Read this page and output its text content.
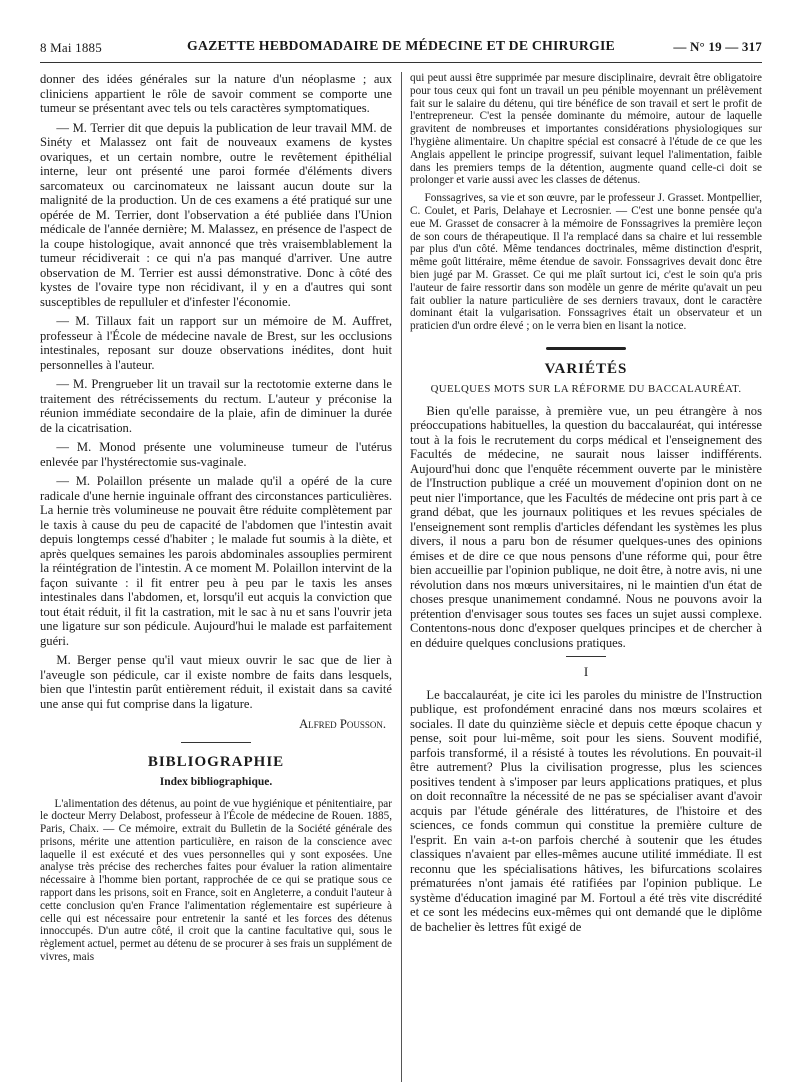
8 Mai 1885	GAZETTE HEBDOMADAIRE DE MÉDECINE ET DE CHIRURGIE	— N° 19 — 317

donner des idées générales sur la nature d'un néoplasme ; aux cliniciens appartient le rôle de savoir comment se comporte une tumeur se présentant avec tels ou tels caractères symptomatiques.

— M. Terrier dit que depuis la publication de leur travail MM. de Sinéty et Malassez ont fait de nouveaux examens de kystes ovariques, et un certain nombre, outre le revêtement épithélial interne, leur ont présenté une paroi formée d'éléments divers sarcomateux ou carcinomateux ne laissant aucun doute sur la malignité de la production. Un de ces examens a été pratiqué sur une opérée de M. Terrier, dont l'observation a été publiée dans l'Union médicale de l'année dernière; M. Malassez, en présence de l'aspect de la coupe histologique, avait annoncé que très vraisemblablement la tumeur récidiverait : ce qui n'a pas manqué d'arriver. Une autre observation de M. Terrier est aussi démonstrative. Donc à côté des kystes de l'ovaire type non récidivant, il y en a d'autres qui sont susceptibles de repulluler et d'infester l'économie.

— M. Tillaux fait un rapport sur un mémoire de M. Auffret, professeur à l'École de médecine navale de Brest, sur les occlusions intestinales, reposant sur douze observations inédites, dont huit personnelles à l'auteur.

— M. Prengrueber lit un travail sur la rectotomie externe dans le traitement des rétrécissements du rectum. L'auteur y préconise la réunion immédiate secondaire de la plaie, afin de diminuer la durée de la cicatrisation.

— M. Monod présente une volumineuse tumeur de l'utérus enlevée par l'hystérectomie sus-vaginale.

— M. Polaillon présente un malade qu'il a opéré de la cure radicale d'une hernie inguinale offrant des circonstances particulières. La hernie très volumineuse ne pouvait être réduite complètement par le taxis à cause du peu de capacité de l'abdomen que l'intestin avait depuis longtemps cessé d'habiter ; le malade fut soumis à la diète, et après quelques semaines les parois abdominales assouplies permirent la réintégration de l'intestin. A ce moment M. Polaillon intervint de la façon suivante : il fit entrer peu à peu par le taxis les anses intestinales dans l'abdomen, et, lorsqu'il eut acquis la conviction que tout était réduit, il fit la castration, mit le sac à nu et sans l'ouvrir jeta une ligature sur son pédicule. Aujourd'hui le malade est parfaitement guéri.

M. Berger pense qu'il vaut mieux ouvrir le sac que de lier à l'aveugle son pédicule, car il existe nombre de faits dans lesquels, bien que l'intestin parût entièrement réduit, il existait dans sa cavité une anse qui fut comprise dans la ligature.

Alfred Pousson.
BIBLIOGRAPHIE
Index bibliographique.

L'alimentation des détenus, au point de vue hygiénique et pénitentiaire, par le docteur Merry Delabost, professeur à l'École de médecine de Rouen. 1885, Paris, Chaix. — Ce mémoire, extrait du Bulletin de la Société générale des prisons, mérite une attention particulière, en raison de la conscience avec laquelle il est exécuté et des vues personnelles qui y sont exposées. Une analyse très précise des recherches faites pour évaluer la ration alimentaire nécessaire à l'homme bien portant, rapprochée de ce qui se pratique sous ce rapport dans les prisons, soit en France, soit en Angleterre, a conduit l'auteur à cette conclusion qu'en France l'alimentation réglementaire est supérieure à celle qui est nécessaire pour entretenir la santé et les forces des détenus innoccupés. D'un autre côté, il croit que la cantine facultative qui, sous le règlement actuel, permet au détenu de se procurer à ses frais un supplément de vivres, mais

qui peut aussi être supprimée par mesure disciplinaire, devrait être obligatoire pour tous ceux qui font un travail un peu pénible moyennant un prélèvement fait sur le salaire du détenu, qui tire bénéfice de son travail et sert le profit de l'entrepreneur. C'est la pensée dominante du mémoire, autour de laquelle gravitent de nombreuses et importantes considérations physiologiques sur l'hygiène alimentaire. Un chapitre spécial est consacré à l'étude de ce que les Anglais appellent le principe progressif, suivant lequel l'alimentation, faible dans les premiers temps de la détention, augmente quand celle-ci doit se prolonger et varie aussi avec les classes de détenus.

Fonssagrives, sa vie et son œuvre, par le professeur J. Grasset. Montpellier, C. Coulet, et Paris, Delahaye et Lecrosnier. — C'est une bonne pensée qu'a eue M. Grasset de consacrer à la mémoire de Fonssagrives la première leçon de son cours de thérapeutique. Il l'a remplacé dans sa chaire et lui ressemble par plus d'un côté. Même tendances doctrinales, même distinction d'esprit, même goût littéraire, même étendue de savoir. Fonssagrives devait donc être bien jugé par M. Grasset. Ce qui me plaît surtout ici, c'est le soin qu'a pris l'auteur de faire ressortir dans son modèle un genre de mérite qu'avait un peu fait oublier la nature particulière de ses derniers travaux, dont le caractère dominant était la vulgarisation. Fonssagrives était un observateur et un praticien d'un ordre élevé ; on le verra bien en lisant la notice.

VARIÉTÉS
QUELQUES MOTS SUR LA RÉFORME DU BACCALAURÉAT.

Bien qu'elle paraisse, à première vue, un peu étrangère à nos préoccupations habituelles, la question du baccalauréat, qui intéresse tout à la fois le recrutement du corps médical et l'enseignement des Facultés de médecine, ne saurait nous laisser indifférents. Aujourd'hui donc que l'enquête récemment ouverte par le ministère de l'Instruction publique a créé un mouvement d'opinion dont on ne peut nier l'importance, que les Facultés de médecine ont pris part à ce grand débat, que les journaux politiques et les revues spéciales de l'enseignement sont remplis d'articles défendant les systèmes les plus divers, il nous a paru bon de résumer quelques-unes des opinions émises et de dire ce que nous pensons d'une réforme qui, pour être bien accueillie par l'opinion publique, ne doit être, à notre avis, ni une révolution dans nos mœurs universitaires, ni le maintien d'un état de choses presque unanimement condamné. Nous ne pouvons avoir la prétention d'envisager sous toutes ses faces un sujet aussi complexe. Contentons-nous donc d'exposer quelques principes et de chercher à en déduire quelques conclusions pratiques.

I

Le baccalauréat, je cite ici les paroles du ministre de l'Instruction publique, est profondément enraciné dans nos mœurs scolaires et sociales. Il date du quinzième siècle et depuis cette époque chacun y pense, soit pour lui-même, soit pour les siens. Souvent modifié, parfois transformé, il a résisté à toutes les révolutions. En pouvait-il être autrement? Plus la civilisation progresse, plus les sciences positives tendent à s'imposer par leurs applications pratiques, et plus on doit reconnaître la nécessité de ne pas se spécialiser avant d'avoir acquis par l'étude générale des littératures, de l'histoire et des sciences, ce fonds commun qui constitue la première culture de l'esprit. En vain a-t-on parfois cherché à soutenir que les études classiques n'avaient par elles-mêmes aucune utilité immédiate. Il est reconnu que les spécialisations hâtives, les bifurcations scolaires prématurées n'ont jamais été ratifiées par l'opinion publique. Le système d'éducation imaginé par M. Fortoul a été très vite discrédité et ce sont les médecins eux-mêmes qui ont demandé que le diplôme de bachelier ès lettres fût exigé de
